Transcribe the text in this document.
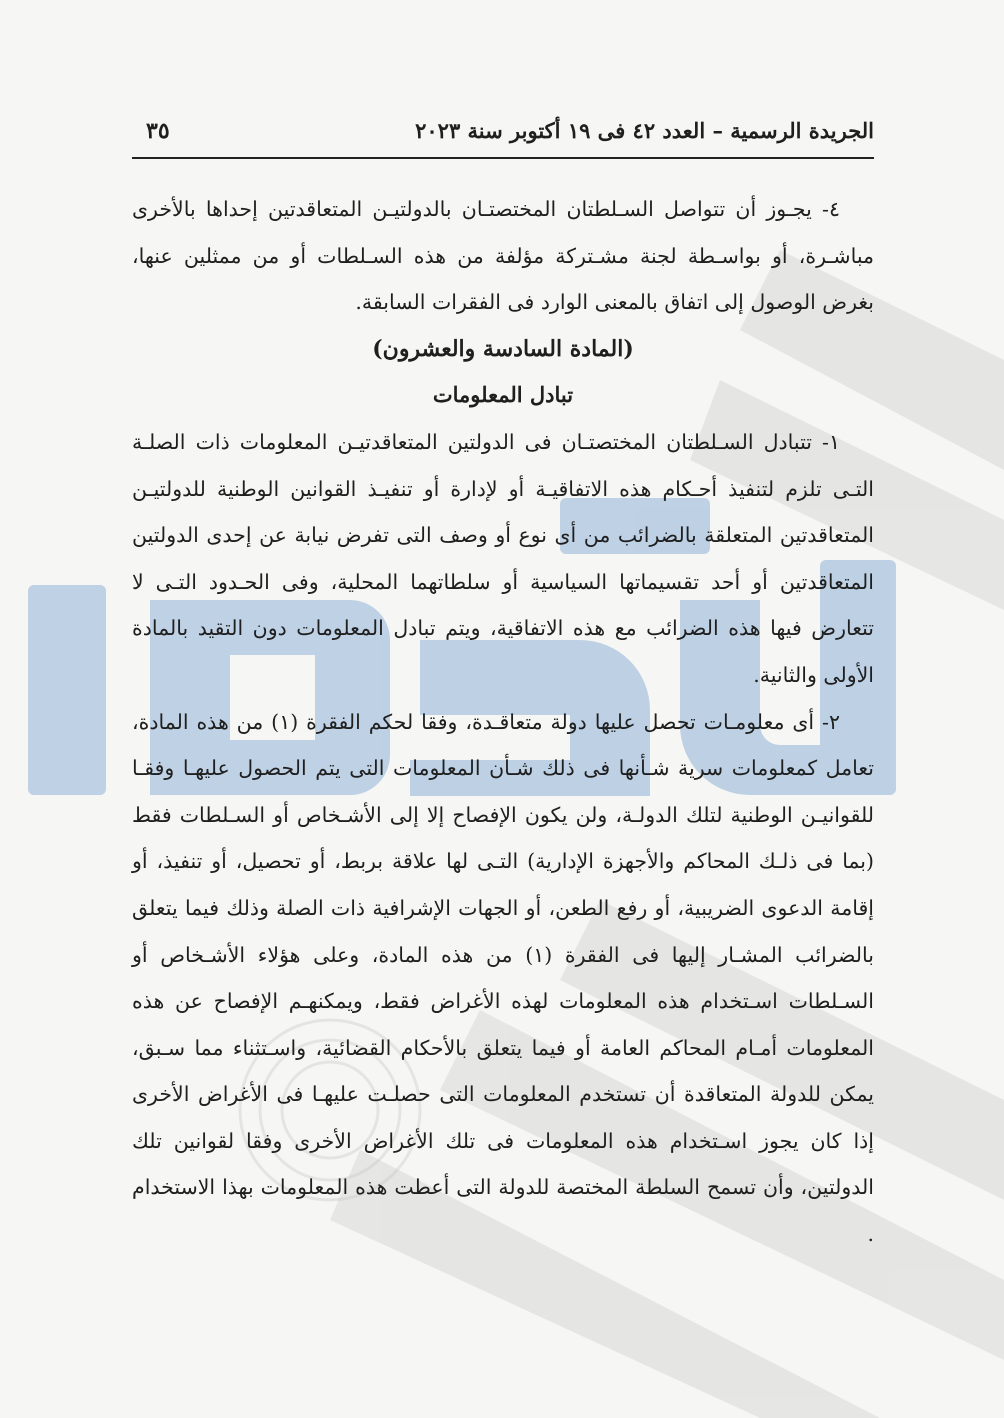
الجريدة الرسمية – العدد ٤٢ فى ١٩ أكتوبر سنة ٢٠٢٣
٣٥

٤- يجـوز أن تتواصل السـلطتان المختصتـان بالدولتيـن المتعاقدتين إحداها بالأخرى مباشـرة، أو بواسـطة لجنة مشـتركة مؤلفة من هذه السـلطات أو من ممثلين عنها، بغرض الوصول إلى اتفاق بالمعنى الوارد فى الفقرات السابقة.

(المادة السادسة والعشرون)

تبادل المعلومات

١- تتبادل السـلطتان المختصتـان فى الدولتين المتعاقدتيـن المعلومات ذات الصلـة التـى تلزم لتنفيذ أحـكام هذه الاتفاقيـة أو لإدارة أو تنفيـذ القوانين الوطنية للدولتيـن المتعاقدتين المتعلقة بالضرائب من أى نوع أو وصف التى تفرض نيابة عن إحدى الدولتين المتعاقدتين أو أحد تقسيماتها السياسية أو سلطاتهما المحلية، وفى الحـدود التـى لا تتعارض فيها هذه الضرائب مع هذه الاتفاقية، ويتم تبادل المعلومات دون التقيد بالمادة الأولى والثانية.

٢- أى معلومـات تحصل عليها دولة متعاقـدة، وفقا لحكم الفقرة (١) من هذه المادة، تعامل كمعلومات سرية شـأنها فى ذلك شـأن المعلومات التى يتم الحصول عليهـا وفقـا للقوانيـن الوطنية لتلك الدولـة، ولن يكون الإفصاح إلا إلى الأشـخاص أو السـلطات فقط (بما فى ذلـك المحاكم والأجهزة الإدارية) التـى لها علاقة بربط، أو تحصيل، أو تنفيذ، أو إقامة الدعوى الضريبية، أو رفع الطعن، أو الجهات الإشرافية ذات الصلة وذلك فيما يتعلق بالضرائب المشـار إليها فى الفقرة (١) من هذه المادة، وعلى هؤلاء الأشـخاص أو السـلطات اسـتخدام هذه المعلومات لهذه الأغراض فقط، ويمكنهـم الإفصاح عن هذه المعلومات أمـام المحاكم العامة أو فيما يتعلق بالأحكام القضائية، واسـتثناء مما سـبق، يمكن للدولة المتعاقدة أن تستخدم المعلومات التى حصلـت عليهـا فى الأغراض الأخرى إذا كان يجوز اسـتخدام هذه المعلومات فى تلك الأغراض الأخرى وفقا لقوانين تلك الدولتين، وأن تسمح السلطة المختصة للدولة التى أعطت هذه المعلومات بهذا الاستخدام .
